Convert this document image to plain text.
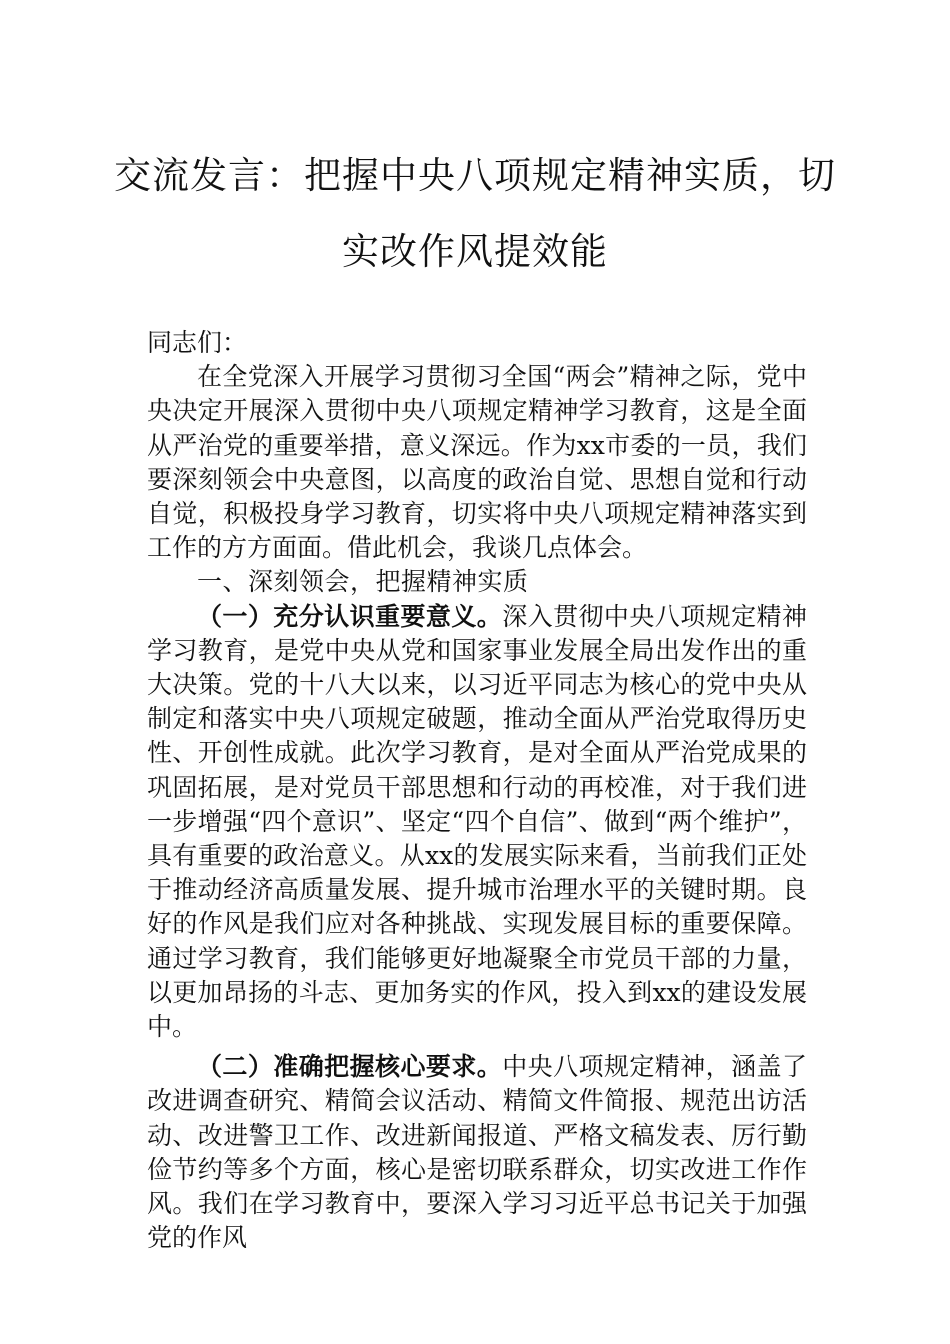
交流发言：把握中央八项规定精神实质，切实改作风提效能

同志们：

在全党深入开展学习贯彻习全国“两会”精神之际，党中央决定开展深入贯彻中央八项规定精神学习教育，这是全面从严治党的重要举措，意义深远。作为xx市委的一员，我们要深刻领会中央意图，以高度的政治自觉、思想自觉和行动自觉，积极投身学习教育，切实将中央八项规定精神落实到工作的方方面面。借此机会，我谈几点体会。

一、深刻领会，把握精神实质

（一）充分认识重要意义。深入贯彻中央八项规定精神学习教育，是党中央从党和国家事业发展全局出发作出的重大决策。党的十八大以来，以习近平同志为核心的党中央从制定和落实中央八项规定破题，推动全面从严治党取得历史性、开创性成就。此次学习教育，是对全面从严治党成果的巩固拓展，是对党员干部思想和行动的再校准，对于我们进一步增强“四个意识”、坚定“四个自信”、做到“两个维护”，具有重要的政治意义。从xx的发展实际来看，当前我们正处于推动经济高质量发展、提升城市治理水平的关键时期。良好的作风是我们应对各种挑战、实现发展目标的重要保障。通过学习教育，我们能够更好地凝聚全市党员干部的力量，以更加昂扬的斗志、更加务实的作风，投入到xx的建设发展中。

（二）准确把握核心要求。中央八项规定精神，涵盖了改进调查研究、精简会议活动、精简文件简报、规范出访活动、改进警卫工作、改进新闻报道、严格文稿发表、厉行勤俭节约等多个方面，核心是密切联系群众，切实改进工作作风。我们在学习教育中，要深入学习习近平总书记关于加强党的作风
